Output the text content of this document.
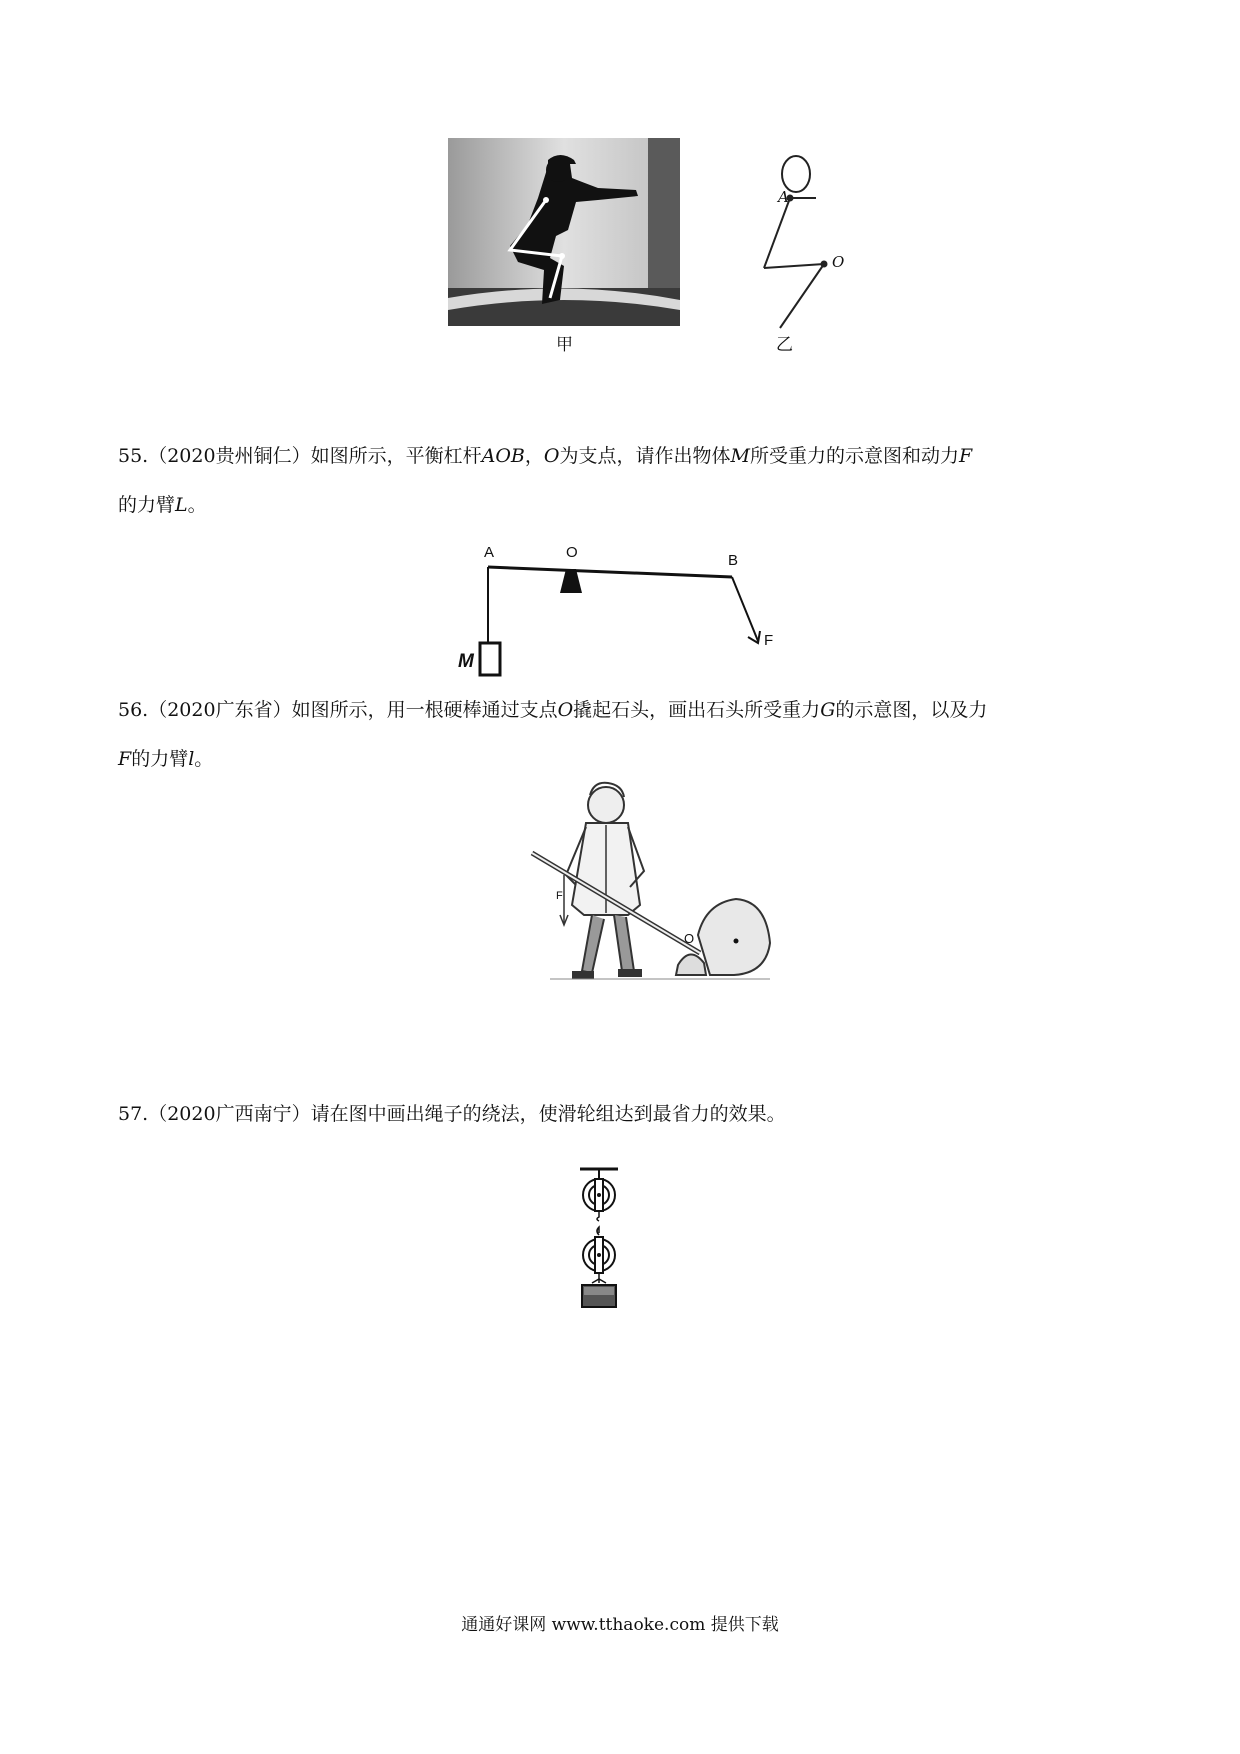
甲
A
O
乙
55.（2020贵州铜仁）如图所示，平衡杠杆AOB，O为支点，请作出物体M所受重力的示意图和动力F
的力臂L。
A	O	B
F
M
56.（2020广东省）如图所示，用一根硬棒通过支点O撬起石头，画出石头所受重力G的示意图，以及力
F的力臂l。
O
F
57.（2020广西南宁）请在图中画出绳子的绕法，使滑轮组达到最省力的效果。
通通好课网 www.tthaoke.com 提供下载
